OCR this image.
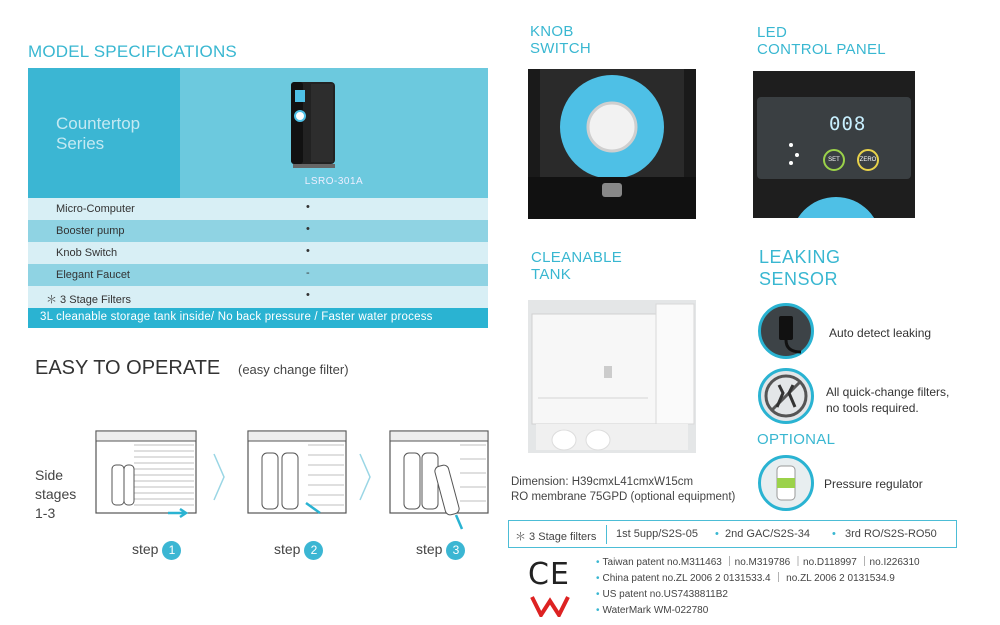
MODEL SPECIFICATIONS
Countertop
Series
LSRO-301A
Micro-Computer	•
Booster pump	•
Knob Switch	•
Elegant Faucet	-
＊ 3 Stage Filters	•
3L cleanable storage tank inside/ No back pressure / Faster water process
EASY TO OPERATE (easy change filter)
Side
stages
1-3
step 1	step 2	step 3
KNOB
SWITCH
LED
CONTROL PANEL
008
SET	ZERO
CLEANABLE
TANK
LEAKING
SENSOR
Auto detect leaking
All quick-change filters,
no tools required.
OPTIONAL
Pressure regulator
Dimension: H39cmxL41cmxW15cm
RO membrane 75GPD (optional equipment)
＊ 3 Stage filters 1st 5upp/S2S-05 • 2nd GAC/S2S-34 • 3rd RO/S2S-RO50
CE	• Taiwan patent no.M311463 ｜no.M319786 ｜no.D118997 ｜no.I226310
• China patent no.ZL 2006 2 0131533.4 ｜ no.ZL 2006 2 0131534.9
• US patent no.US7438811B2
• WaterMark WM-022780
